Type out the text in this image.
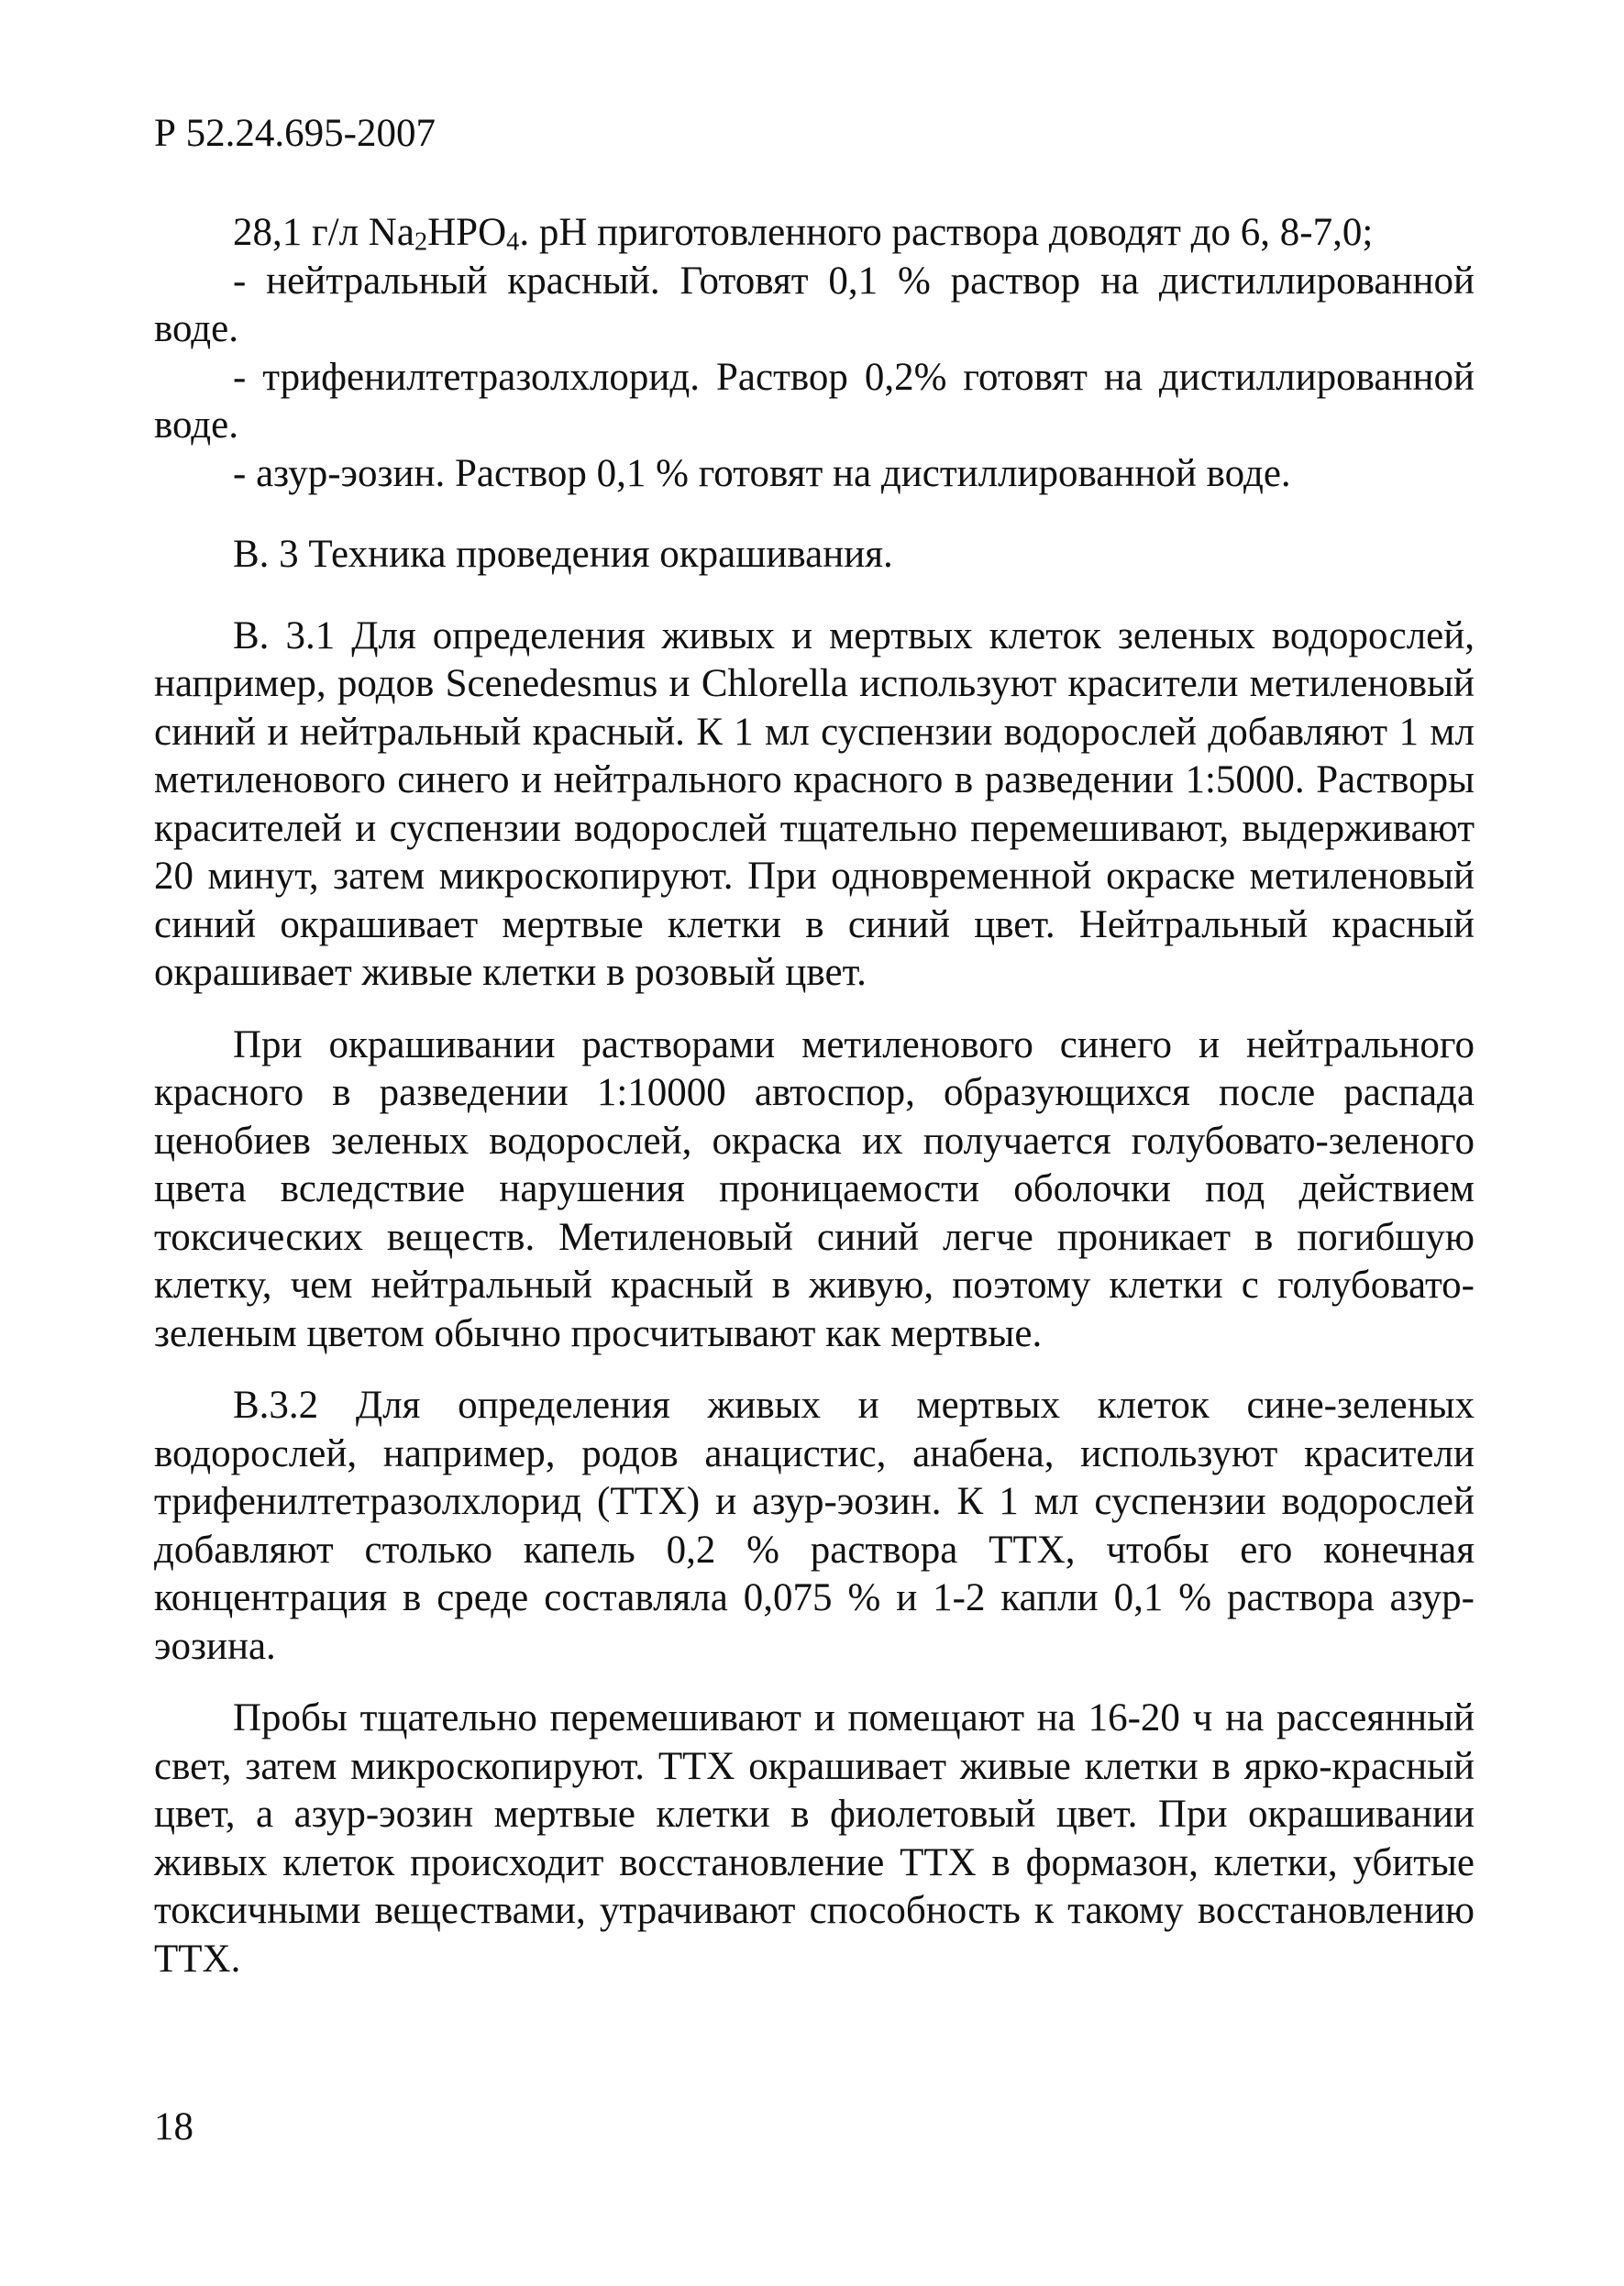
Р 52.24.695-2007

28,1 г/л $Na_2HPO_4$. pH приготовленного раствора доводят до 6, 8-7,0;

- нейтральный красный. Готовят 0,1 % раствор на дистиллированной воде.

- трифенилтетразолхлорид. Раствор 0,2% готовят на дистиллированной воде.

- азур-эозин. Раствор 0,1 % готовят на дистиллированной воде.

В. 3 Техника проведения окрашивания.

В. 3.1 Для определения живых и мертвых клеток зеленых водорослей, например, родов Scenedesmus и Chlorella используют красители метиленовый синий и нейтральный красный. К 1 мл суспензии водорослей добавляют 1 мл метиленового синего и нейтрального красного в разведении 1:5000. Растворы красителей и суспензии водорослей тщательно перемешивают, выдерживают 20 минут, затем микроскопируют. При одновременной окраске метиленовый синий окрашивает мертвые клетки в синий цвет. Нейтральный красный окрашивает живые клетки в розовый цвет.

При окрашивании растворами метиленового синего и нейтрального красного в разведении 1:10000 автоспор, образующихся после распада ценобиев зеленых водорослей, окраска их получается голубовато-зеленого цвета вследствие нарушения проницаемости оболочки под действием токсических веществ. Метиленовый синий легче проникает в погибшую клетку, чем нейтральный красный в живую, поэтому клетки с голубовато-зеленым цветом обычно просчитывают как мертвые.

В.3.2 Для определения живых и мертвых клеток сине-зеленых водорослей, например, родов анацистис, анабена, используют красители трифенилтетразолхлорид (ТТХ) и азур-эозин. К 1 мл суспензии водорослей добавляют столько капель 0,2 % раствора ТТХ, чтобы его конечная концентрация в среде составляла 0,075 % и 1-2 капли 0,1 % раствора азур-эозина.

Пробы тщательно перемешивают и помещают на 16-20 ч на рассеянный свет, затем микроскопируют. ТТХ окрашивает живые клетки в ярко-красный цвет, а азур-эозин мертвые клетки в фиолетовый цвет. При окрашивании живых клеток происходит восстановление ТТХ в формазон, клетки, убитые токсичными веществами, утрачивают способность к такому восстановлению ТТХ.

18
